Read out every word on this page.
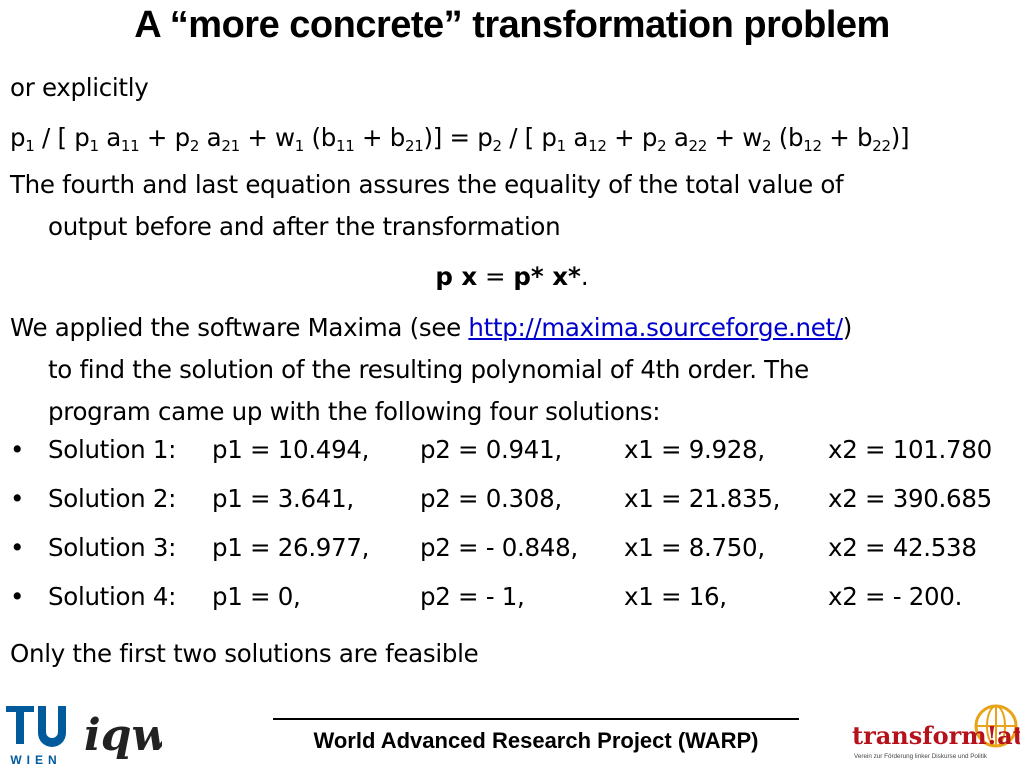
A “more concrete” transformation problem
or explicitly
$p_1$ / [ $p_1$ $a_{11} + p_2$ $a_{21} + w_1$ $(b_{11} + b_{21})] = p_2$ / [ $p_1$ $a_{12} + p_2$ $a_{22} + w_2$ $(b_{12} + b_{22})$]
The fourth and last equation assures the equality of the total value of
output before and after the transformation
p x = p* x*.
We applied the software Maxima (see http://maxima.sourceforge.net/)
to find the solution of the resulting polynomial of 4th order. The
program came up with the following four solutions:
• Solution 1: p1 = 10.494, p2 = 0.941,	x1 = 9.928,	x2 = 101.780
• Solution 2: p1 = 3.641,	p2 = 0.308,	x1 = 21.835, x2 = 390.685
• Solution 3: p1 = 26.977, p2 = - 0.848, x1 = 8.750,	x2 = 42.538
• Solution 4: p1 = 0,	p2 = - 1,	x1 = 16,	x2 = - 200.
Only the first two solutions are feasible
WIEN iqw	World Advanced Research Project (WARP)	transform!at
Verein zur Förderung linker Diskurse und Politik
